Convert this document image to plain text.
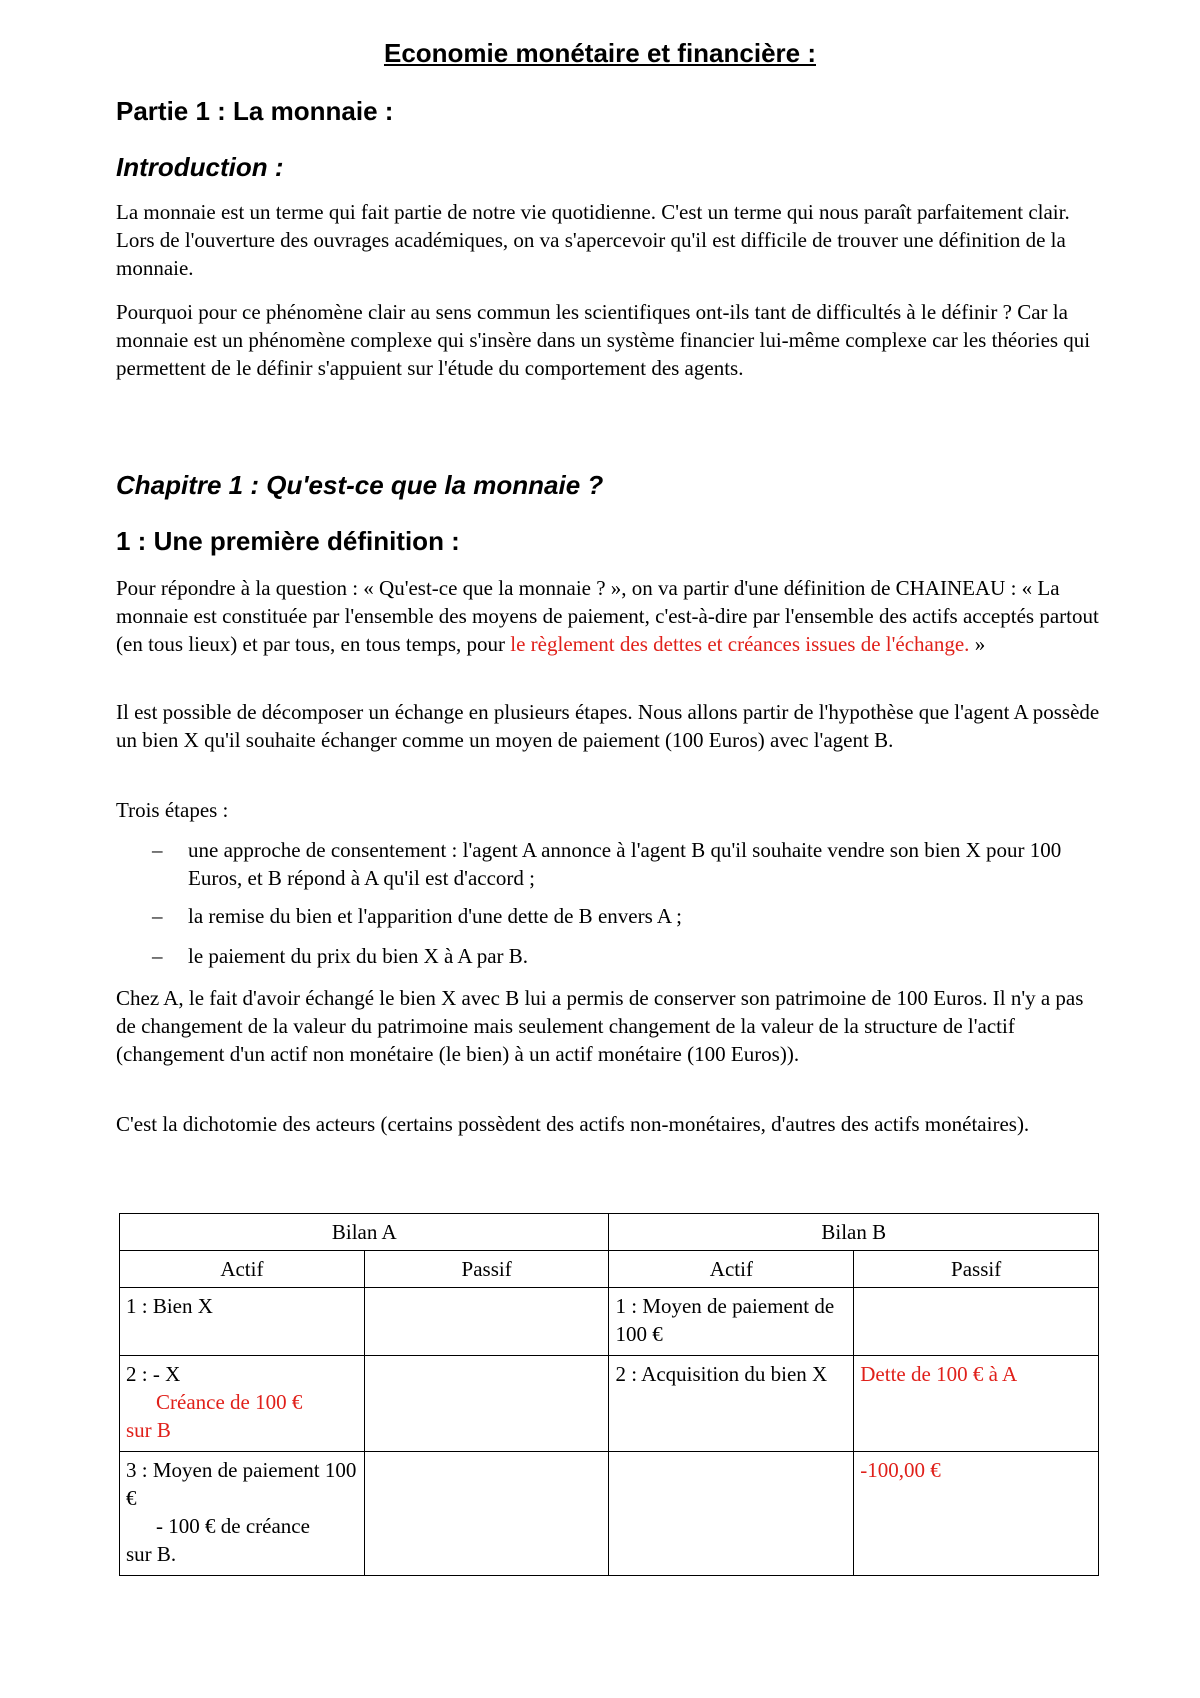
Economie monétaire et financière :
Partie 1 : La monnaie :
Introduction :

La monnaie est un terme qui fait partie de notre vie quotidienne. C'est un terme qui nous paraît parfaitement clair. Lors de l'ouverture des ouvrages académiques, on va s'apercevoir qu'il est difficile de trouver une définition de la monnaie.

Pourquoi pour ce phénomène clair au sens commun les scientifiques ont-ils tant de difficultés à le définir ? Car la monnaie est un phénomène complexe qui s'insère dans un système financier lui-même complexe car les théories qui permettent de le définir s'appuient sur l'étude du comportement des agents.

Chapitre 1 : Qu'est-ce que la monnaie ?
1 : Une première définition :

Pour répondre à la question : « Qu'est-ce que la monnaie ? », on va partir d'une définition de CHAINEAU : « La monnaie est constituée par l'ensemble des moyens de paiement, c'est-à-dire par l'ensemble des actifs acceptés partout (en tous lieux) et par tous, en tous temps, pour le règlement des dettes et créances issues de l'échange. »

Il est possible de décomposer un échange en plusieurs étapes. Nous allons partir de l'hypothèse que l'agent A possède un bien X qu'il souhaite échanger comme un moyen de paiement (100 Euros) avec l'agent B.

Trois étapes :

– une approche de consentement : l'agent A annonce à l'agent B qu'il souhaite vendre son bien X pour 100 Euros, et B répond à A qu'il est d'accord ;
– la remise du bien et l'apparition d'une dette de B envers A ;
– le paiement du prix du bien X à A par B.

Chez A, le fait d'avoir échangé le bien X avec B lui a permis de conserver son patrimoine de 100 Euros. Il n'y a pas de changement de la valeur du patrimoine mais seulement changement de la valeur de la structure de l'actif (changement d'un actif non monétaire (le bien) à un actif monétaire (100 Euros)).

C'est la dichotomie des acteurs (certains possèdent des actifs non-monétaires, d'autres des actifs monétaires).

Bilan A		Bilan B	
Actif	Passif	Actif	Passif
1 : Bien X		1 : Moyen de paiement de 100 €	

2 : - X
Créance de 100 €
sur B		2 : Acquisition du bien X	Dette de 100 € à A

3 : Moyen de paiement 100 €
- 100 € de créance
sur B.			-100,00 €
